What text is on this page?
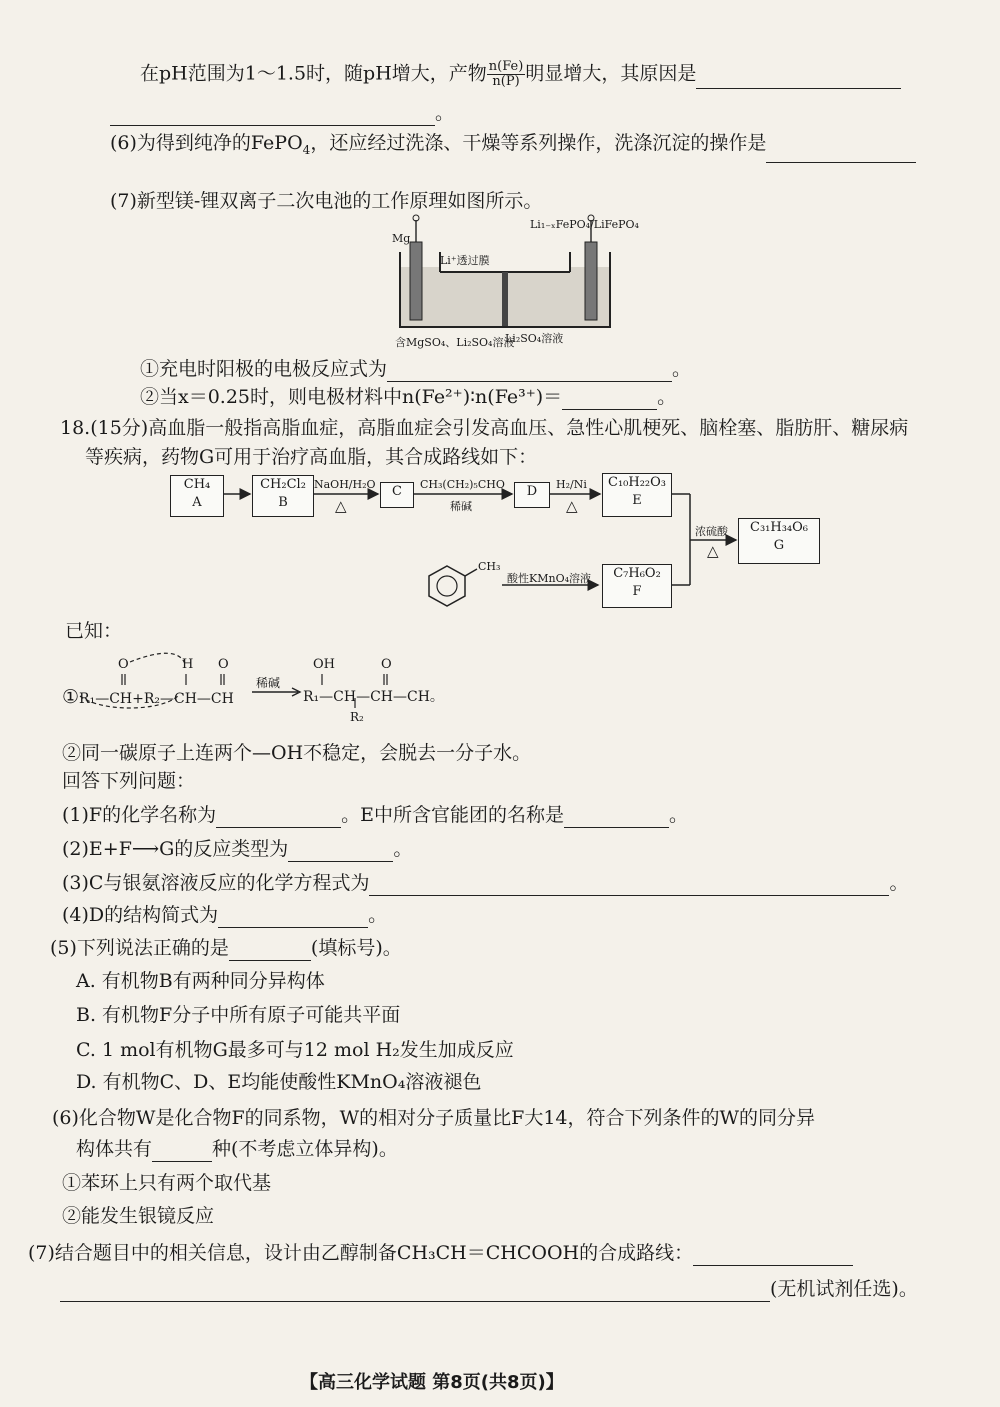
在pH范围为1～1.5时，随pH增大，产物 $\frac{n(Fe)}{n(P)}$ 明显增大，其原因是
。
(6)为得到纯净的FePO$_4$，还应经过洗涤、干燥等系列操作，洗涤沉淀的操作是
(7)新型镁-锂双离子二次电池的工作原理如图所示。
Mg
Li₁₋ₓFePO₄/LiFePO₄
Li⁺透过膜
含MgSO₄、Li₂SO₄溶液
Li₂SO₄溶液
①充电时阳极的电极反应式为	。
②当x＝0.25时，则电极材料中n(Fe²⁺)∶n(Fe³⁺)＝	。
18.(15分)高血脂一般指高脂血症，高脂血症会引发高血压、急性心肌梗死、脑栓塞、脂肪肝、糖尿病
等疾病，药物G可用于治疗高血脂，其合成路线如下：
CH₄
A
CH₂Cl₂
B
C	D
C₁₀H₂₂O₃
E
C₇H₆O₂
F
C₃₁H₃₄O₆
G
NaOH/H₂O
△
CH₃(CH₂)₅CHO
稀碱
H₂/Ni
△
浓硫酸
△
酸性KMnO₄溶液
CH₃
已知：
O	H O	OH	O
①R₁—CH+R₂—CH—CH
稀碱
R₁—CH—CH—CH。
R₂
②同一碳原子上连两个—OH不稳定，会脱去一分子水。
回答下列问题：
(1)F的化学名称为	。E中所含官能团的名称是	。
(2)E+F⟶G的反应类型为	。
(3)C与银氨溶液反应的化学方程式为	。
(4)D的结构简式为	。
(5)下列说法正确的是	(填标号)。
A. 有机物B有两种同分异构体
B. 有机物F分子中所有原子可能共平面
C. 1 mol有机物G最多可与12 mol H₂发生加成反应
D. 有机物C、D、E均能使酸性KMnO₄溶液褪色
(6)化合物W是化合物F的同系物，W的相对分子质量比F大14，符合下列条件的W的同分异
构体共有	种(不考虑立体异构)。
①苯环上只有两个取代基
②能发生银镜反应
(7)结合题目中的相关信息，设计由乙醇制备CH₃CH＝CHCOOH的合成路线：
(无机试剂任选)。
【高三化学试题 第8页(共8页)】
